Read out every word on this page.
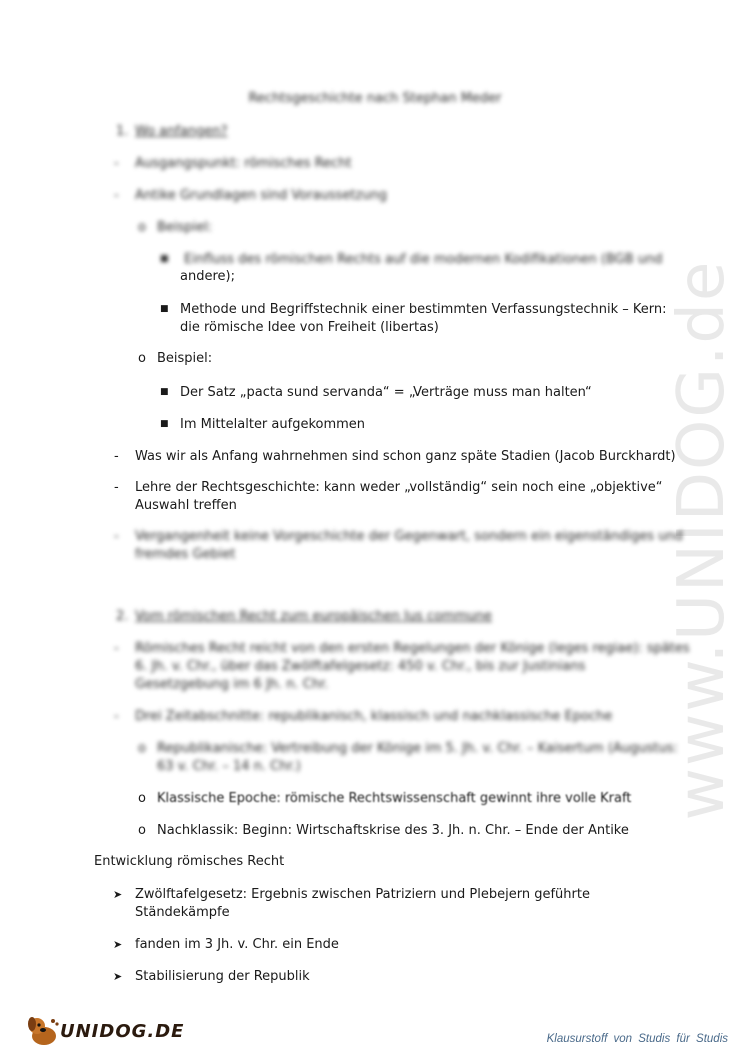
www.UNIDOG.de
Rechtsgeschichte nach Stephan Meder
1. Wo anfangen?
- Ausgangspunkt: römisches Recht
- Antike Grundlagen sind Voraussetzung
o Beispiel:
■ Einfluss des römischen Rechts auf die modernen Kodifikationen (BGB und
andere);
■ Methode und Begriffstechnik einer bestimmten Verfassungstechnik – Kern:
die römische Idee von Freiheit (libertas)
o Beispiel:
■ Der Satz „pacta sund servanda“ = „Verträge muss man halten“
■ Im Mittelalter aufgekommen
- Was wir als Anfang wahrnehmen sind schon ganz späte Stadien (Jacob Burckhardt)
- Lehre der Rechtsgeschichte: kann weder „vollständig“ sein noch eine „objektive“
Auswahl treffen
- Vergangenheit keine Vorgeschichte der Gegenwart, sondern ein eigenständiges und
fremdes Gebiet
2. Vom römischen Recht zum europäischen Ius commune
- Römisches Recht reicht von den ersten Regelungen der Könige (leges regiae): spätes
6. Jh. v. Chr., über das Zwölftafelgesetz: 450 v. Chr., bis zur Justinians
Gesetzgebung im 6 Jh. n. Chr.
- Drei Zeitabschnitte: republikanisch, klassisch und nachklassische Epoche
o Republikanische: Vertreibung der Könige im 5. Jh. v. Chr. – Kaisertum (Augustus:
63 v. Chr. – 14 n. Chr.)
o Klassische Epoche: römische Rechtswissenschaft gewinnt ihre volle Kraft
o Nachklassik: Beginn: Wirtschaftskrise des 3. Jh. n. Chr. – Ende der Antike
Entwicklung römisches Recht
➤ Zwölftafelgesetz: Ergebnis zwischen Patriziern und Plebejern geführte
Ständekämpfe
➤ fanden im 3 Jh. v. Chr. ein Ende
➤ Stabilisierung der Republik
UNIDOG.DE	Klausurstoff von Studis für Studis
